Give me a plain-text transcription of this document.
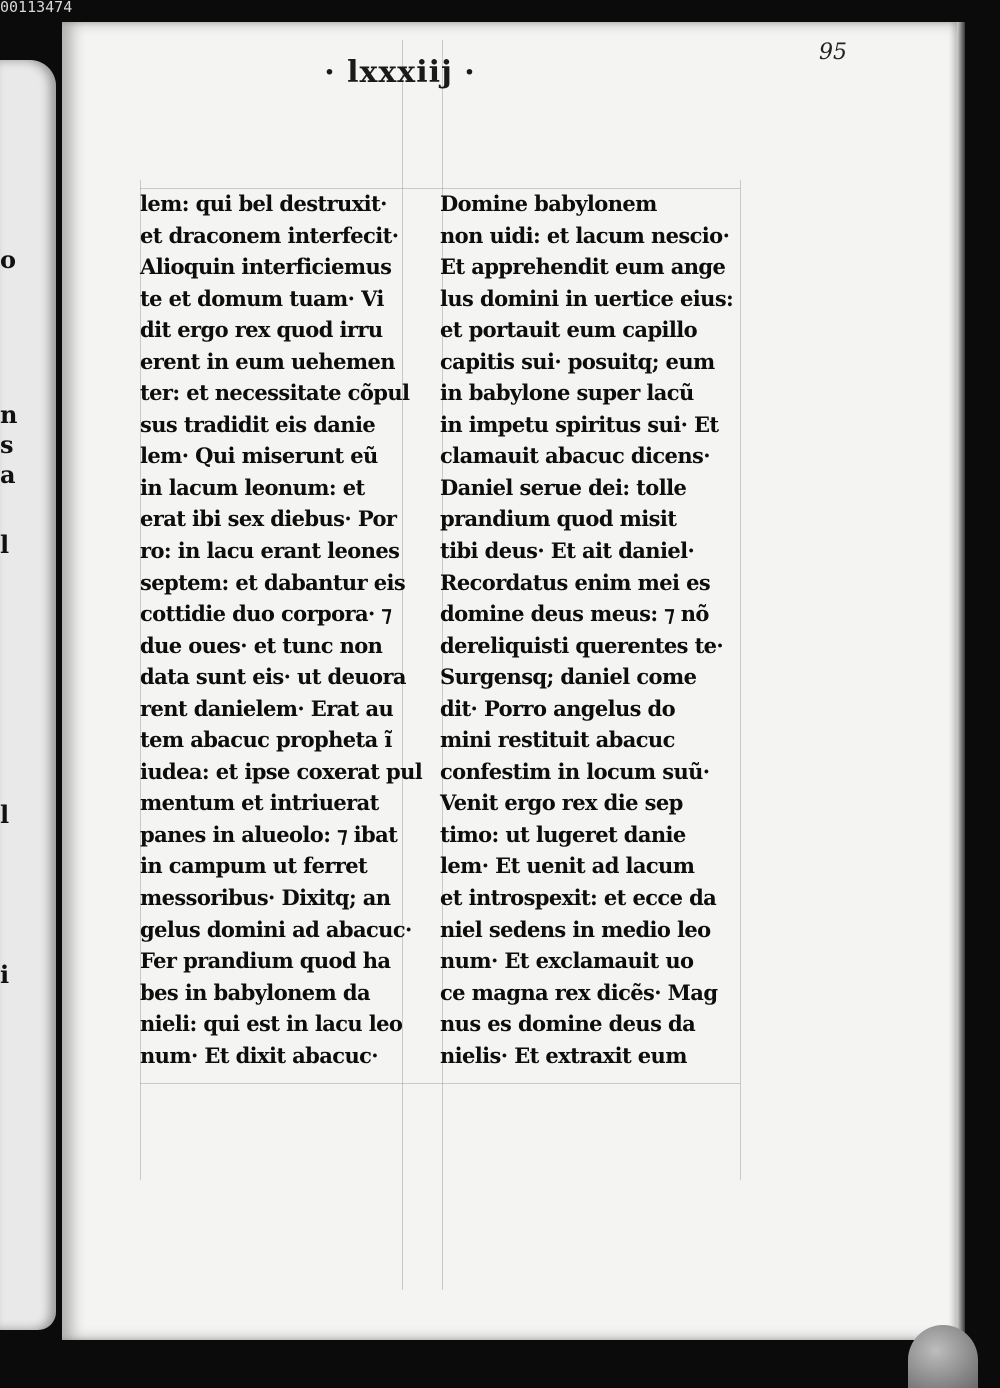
00113474
o
n
s
a
l
l
i
· lxxxiij ·
95
lem: qui bel destruxit·
et draconem interfecit·
Alioquin interficiemus
te et domum tuam· Vi
dit ergo rex quod irru
erent in eum uehemen
ter: et necessitate cõpul
sus tradidit eis danie
lem· Qui miserunt eũ
in lacum leonum: et
erat ibi sex diebus· Por
ro: in lacu erant leones
septem: et dabantur eis
cottidie duo corpora· ⁊
due oues· et tunc non
data sunt eis· ut deuora
rent danielem· Erat au
tem abacuc propheta ĩ
iudea: et ipse coxerat pul
mentum et intriuerat
panes in alueolo: ⁊ ibat
in campum ut ferret
messoribus· Dixitq; an
gelus domini ad abacuc·
Fer prandium quod ha
bes in babylonem da
nieli: qui est in lacu leo
num· Et dixit abacuc·
Domine babylonem
non uidi: et lacum nescio·
Et apprehendit eum ange
lus domini in uertice eius:
et portauit eum capillo
capitis sui· posuitq; eum
in babylone super lacũ
in impetu spiritus sui· Et
clamauit abacuc dicens·
Daniel serue dei: tolle
prandium quod misit
tibi deus· Et ait daniel·
Recordatus enim mei es
domine deus meus: ⁊ nõ
dereliquisti querentes te·
Surgensq; daniel come
dit· Porro angelus do
mini restituit abacuc
confestim in locum suũ·
Venit ergo rex die sep
timo: ut lugeret danie
lem· Et uenit ad lacum
et introspexit: et ecce da
niel sedens in medio leo
num· Et exclamauit uo
ce magna rex dicẽs· Mag
nus es domine deus da
nielis· Et extraxit eum
